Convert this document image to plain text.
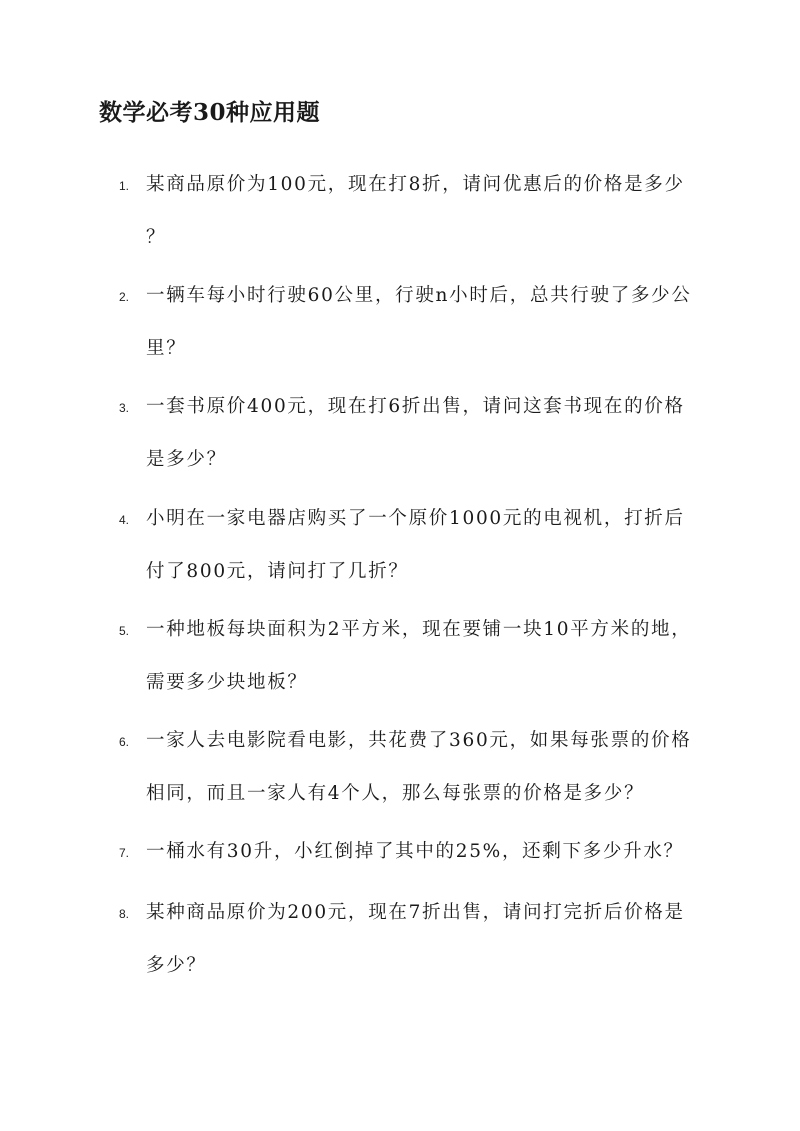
数学必考30种应用题
1. 某商品原价为100元，现在打8折，请问优惠后的价格是多少
？
2. 一辆车每小时行驶60公里，行驶n小时后，总共行驶了多少公
里？
3. 一套书原价400元，现在打6折出售，请问这套书现在的价格
是多少？
4. 小明在一家电器店购买了一个原价1000元的电视机，打折后
付了800元，请问打了几折？
5. 一种地板每块面积为2平方米，现在要铺一块10平方米的地，
需要多少块地板？
6. 一家人去电影院看电影，共花费了360元，如果每张票的价格
相同，而且一家人有4个人，那么每张票的价格是多少？
7. 一桶水有30升，小红倒掉了其中的25%，还剩下多少升水？
8. 某种商品原价为200元，现在7折出售，请问打完折后价格是
多少？
